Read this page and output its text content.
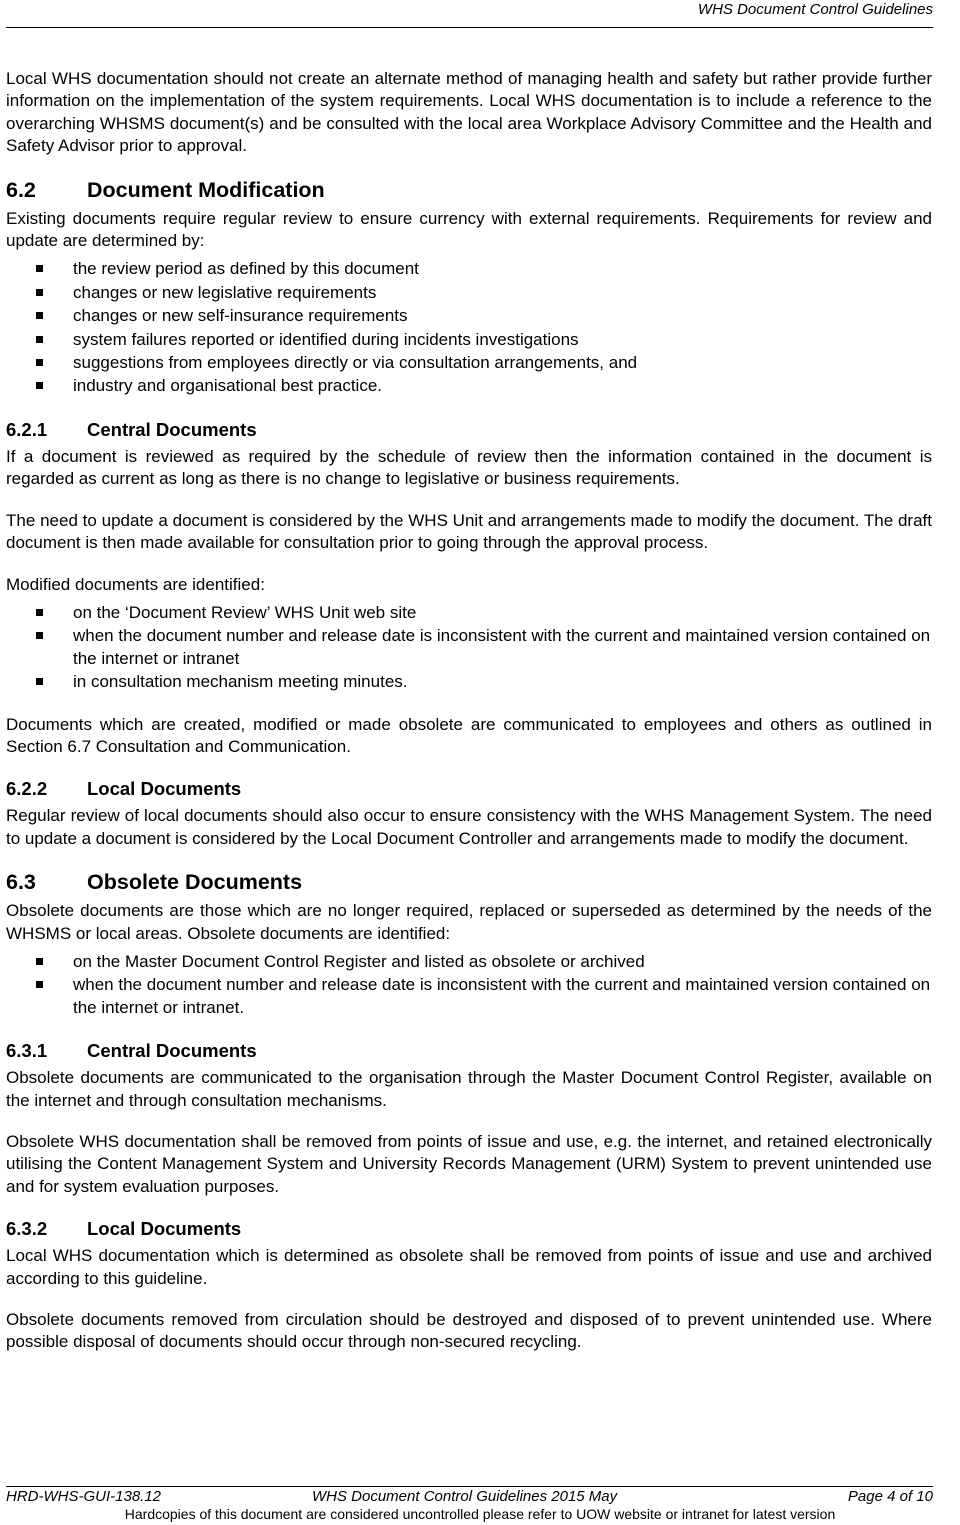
WHS Document Control Guidelines

Local WHS documentation should not create an alternate method of managing health and safety but rather provide further information on the implementation of the system requirements. Local WHS documentation is to include a reference to the overarching WHSMS document(s) and be consulted with the local area Workplace Advisory Committee and the Health and Safety Advisor prior to approval.

6.2 Document Modification

Existing documents require regular review to ensure currency with external requirements. Requirements for review and update are determined by:

the review period as defined by this document
changes or new legislative requirements
changes or new self-insurance requirements
system failures reported or identified during incidents investigations
suggestions from employees directly or via consultation arrangements, and
industry and organisational best practice.
6.2.1 Central Documents

If a document is reviewed as required by the schedule of review then the information contained in the document is regarded as current as long as there is no change to legislative or business requirements.

The need to update a document is considered by the WHS Unit and arrangements made to modify the document. The draft document is then made available for consultation prior to going through the approval process.

Modified documents are identified:

on the ‘Document Review’ WHS Unit web site
when the document number and release date is inconsistent with the current and maintained version contained on the internet or intranet
in consultation mechanism meeting minutes.

Documents which are created, modified or made obsolete are communicated to employees and others as outlined in Section 6.7 Consultation and Communication.

6.2.2 Local Documents

Regular review of local documents should also occur to ensure consistency with the WHS Management System. The need to update a document is considered by the Local Document Controller and arrangements made to modify the document.

6.3 Obsolete Documents

Obsolete documents are those which are no longer required, replaced or superseded as determined by the needs of the WHSMS or local areas. Obsolete documents are identified:

on the Master Document Control Register and listed as obsolete or archived
when the document number and release date is inconsistent with the current and maintained version contained on the internet or intranet.
6.3.1 Central Documents

Obsolete documents are communicated to the organisation through the Master Document Control Register, available on the internet and through consultation mechanisms.

Obsolete WHS documentation shall be removed from points of issue and use, e.g. the internet, and retained electronically utilising the Content Management System and University Records Management (URM) System to prevent unintended use and for system evaluation purposes.

6.3.2 Local Documents

Local WHS documentation which is determined as obsolete shall be removed from points of issue and use and archived according to this guideline.

Obsolete documents removed from circulation should be destroyed and disposed of to prevent unintended use. Where possible disposal of documents should occur through non-secured recycling.

HRD-WHS-GUI-138.12	WHS Document Control Guidelines 2015 May	Page 4 of 10
Hardcopies of this document are considered uncontrolled please refer to UOW website or intranet for latest version
